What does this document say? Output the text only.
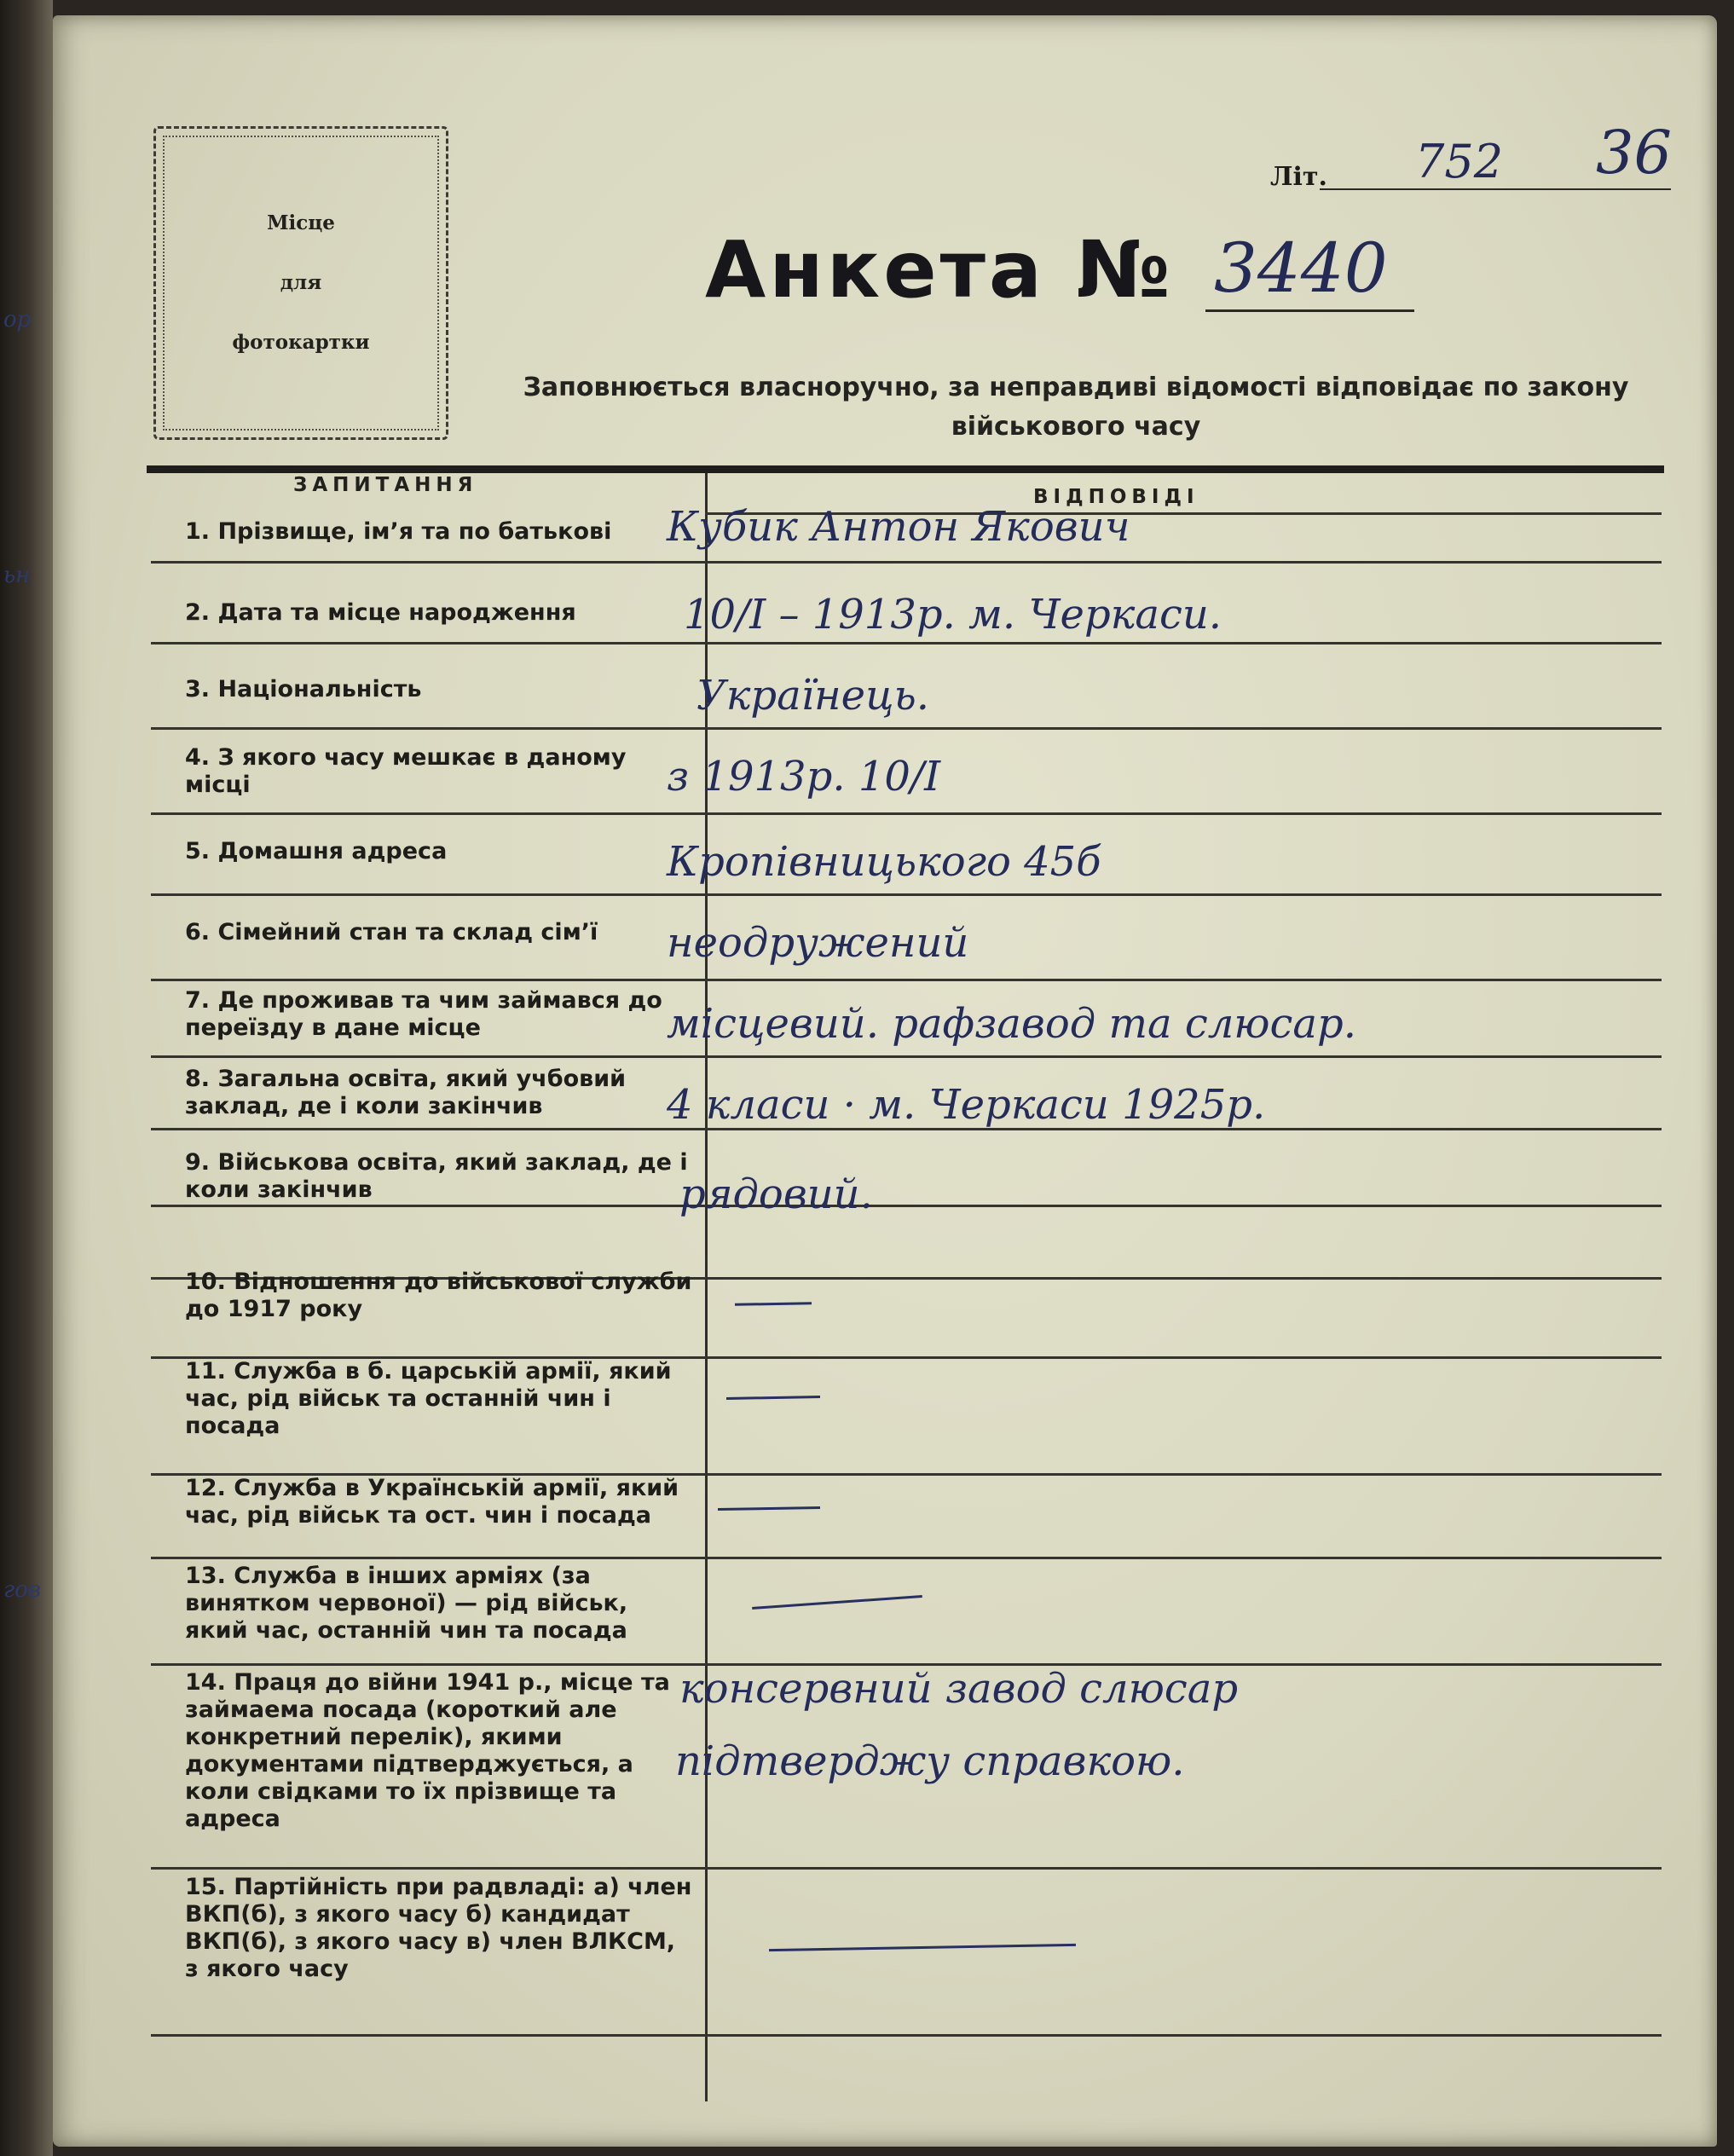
ор
ьн
гов
Місце
для
фотокартки
Літ. 752 36
Анкета № 3440
Заповнюється власноручно, за неправдиві відомості відповідає по закону військового часу
ЗАПИТАННЯ
ВІДПОВІДІ
1. Прізвище, ім’я та по батькові
2. Дата та місце народження
3. Національність
4. З якого часу мешкає в даному місці
5. Домашня адреса
6. Сімейний стан та склад сім’ї
7. Де проживав та чим займався до переїзду в дане місце
8. Загальна освіта, який учбовий заклад, де і коли закінчив
9. Військова освіта, який заклад, де і коли закінчив
10. Відношення до військової служби до 1917 року
11. Служба в б. царській армії, який час, рід військ та останній чин і посада
12. Служба в Українській армії, який час, рід військ та ост. чин і посада
13. Служба в інших арміях (за винятком червоної) — рід військ, який час, останній чин та посада
14. Праця до війни 1941 р., місце та займаема посада (короткий але конкретний перелік), якими документами підтверджується, а коли свідками то їх прізвище та адреса
15. Партійність при радвладі: а) член ВКП(б), з якого часу б) кандидат ВКП(б), з якого часу в) член ВЛКСМ, з якого часу
Кубик Антон Якович
10/І – 1913р. м. Черкаси.
Українець.
з 1913р. 10/І
Кропівницького 45б
неодружений
місцевий. рафзавод та слюсар.
4 класи · м. Черкаси 1925р.
рядовий.
консервний завод слюсар
підтверджу справкою.
